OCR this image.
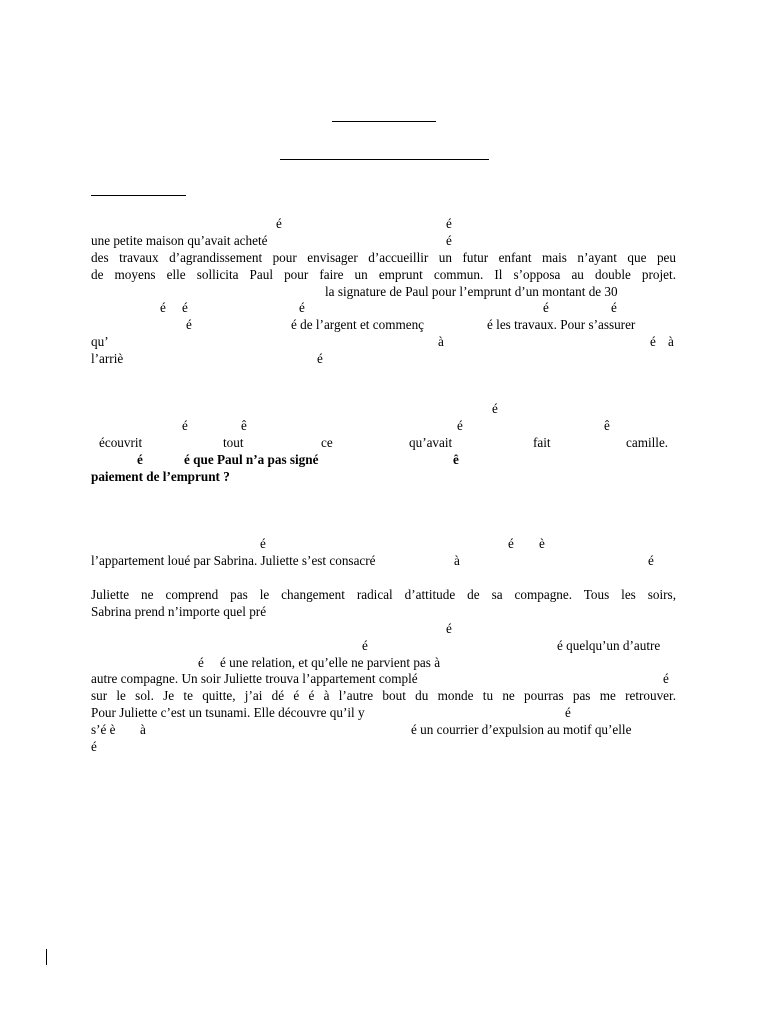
é	é
une petite maison qu’avait acheté	é
des travaux d’agrandissement pour envisager d’accueillir un futur enfant mais n’ayant que peu
de moyens elle sollicita Paul pour faire un emprunt commun. Il s’opposa au double projet.
la signature de Paul pour l’emprunt d’un montant de 30
é é	é	é	é
é	é de l’argent et commenç	é les travaux. Pour s’assurer
qu’	à	é à
l’arriè	é
é
é	ê	é	ê
écouvrit	tout	ce	qu’avait	fait	camille.
é	é que Paul n’a pas signé	ê
paiement de l’emprunt ?
é	é è
l’appartement loué par Sabrina. Juliette s’est consacré	à	é
Juliette ne comprend pas le changement radical d’attitude de sa compagne. Tous les soirs,
Sabrina prend n’importe quel pré
é
é	é quelqu’un d’autre
é é une relation, et qu’elle ne parvient pas à
autre compagne. Un soir Juliette trouva l’appartement complé	é
sur le sol. Je te quitte, j’ai dé é é à l’autre bout du monde tu ne pourras pas me retrouver.
Pour Juliette c’est un tsunami. Elle découvre qu’il y	é
s’é è à	é un courrier d’expulsion au motif qu’elle
é
